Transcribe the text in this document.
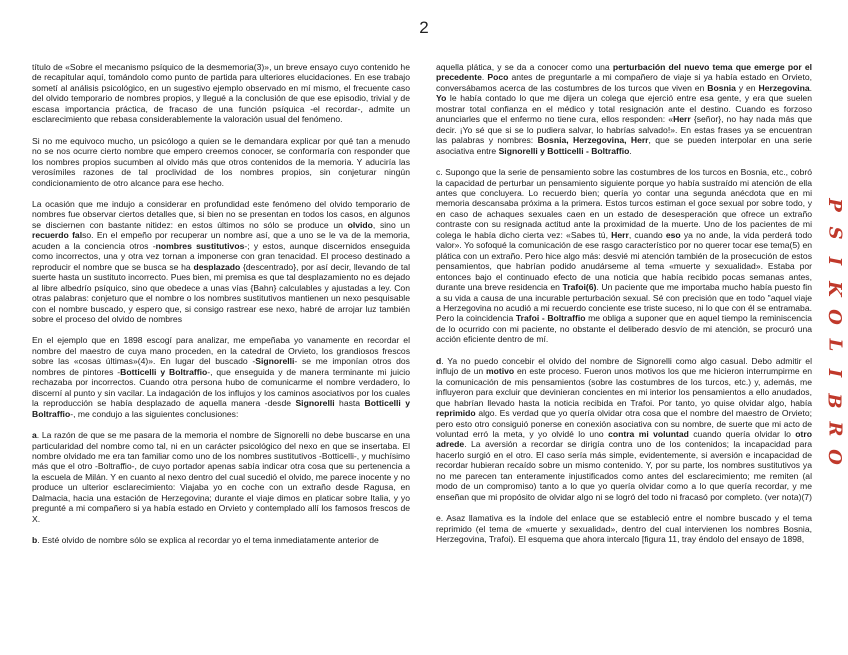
2

título de «Sobre el mecanismo psíquico de la desmemoria(3)», un breve ensayo cuyo contenido he de recapitular aquí, tomándolo como punto de partida para ulteriores elucidaciones. En ese trabajo sometí al análisis psicológico, en un sugestivo ejemplo observado en mí mismo, el frecuente caso del olvido temporario de nombres propios, y llegué a la conclusión de que ese episodio, trivial y de escasa importancia práctica, de fracaso de una función psíquica -el recordar-, admite un esclarecimiento que rebasa considerablemente la valoración usual del fenómeno.

Si no me equivoco mucho, un psicólogo a quien se le demandara explicar por qué tan a menudo no se nos ocurre cierto nombre que empero creemos conocer, se conformaría con responder que los nombres propios sucumben al olvido más que otros contenidos de la memoria. Y aduciría las verosímiles razones de tal proclividad de los nombres propios, sin conjeturar ningún condicionamiento de otro alcance para ese hecho.

La ocasión que me indujo a considerar en profundidad este fenómeno del olvido temporario de nombres fue observar ciertos detalles que, si bien no se presentan en todos los casos, en algunos se disciernen con bastante nitidez: en estos últimos no sólo se produce un olvido, sino un recuerdo falso. En el empeño por recuperar un nombre así, que a uno se le va de la memoria, acuden a la conciencia otros -nombres sustitutivos-; y estos, aunque discernidos enseguida como incorrectos, una y otra vez tornan a imponerse con gran tenacidad. El proceso destinado a reproducir el nombre que se busca se ha desplazado {descentrado}, por así decir, llevando de tal suerte hasta un sustituto incorrecto. Pues bien, mi premisa es que tal desplazamiento no es dejado al libre albedrío psíquico, sino que obedece a unas vías {Bahn} calculables y ajustadas a ley. Con otras palabras: conjeturo que el nombre o los nombres sustitutivos mantienen un nexo pesquisable con el nombre buscado, y espero que, si consigo rastrear ese nexo, habré de arrojar luz también sobre el proceso del olvido de nombres

En el ejemplo que en 1898 escogí para analizar, me empeñaba yo vanamente en recordar el nombre del maestro de cuya mano proceden, en la catedral de Orvieto, los grandiosos frescos sobre las «cosas últimas»(4)». En lugar del buscado -Signorelli- se me imponían otros dos nombres de pintores -Botticelli y Boltraffio-, que enseguida y de manera terminante mi juicio rechazaba por incorrectos. Cuando otra persona hubo de comunicarme el nombre verdadero, lo discerní al punto y sin vacilar. La indagación de los influjos y los caminos asociativos por los cuales la reproducción se había desplazado de aquella manera -desde Signorelli hasta Botticelli y Boltraffio-, me condujo a las siguientes conclusiones:

a. La razón de que se me pasara de la memoria el nombre de Signorelli no debe buscarse en una particularidad del nombre como tal, ni en un carácter psicológico del nexo en que se insertaba. El nombre olvidado me era tan familiar como uno de los nombres sustitutivos -Botticelli-, y muchísimo más que el otro -Boltraffio-, de cuyo portador apenas sabía indicar otra cosa que su pertenencia a la escuela de Milán. Y en cuanto al nexo dentro del cual sucedió el olvido, me parece inocente y no produce un ulterior esclarecimiento: Viajaba yo en coche con un extraño desde Ragusa, en Dalmacia, hacia una estación de Herzegovina; durante el viaje dimos en platicar sobre Italia, y yo pregunté a mi compañero si ya había estado en Orvieto y contemplado allí los famosos frescos de X.

b. Esté olvido de nombre sólo se explica al recordar yo el tema inmediatamente anterior de

aquella plática, y se da a conocer como una perturbación del nuevo tema que emerge por el precedente. Poco antes de preguntarle a mi compañero de viaje si ya había estado en Orvieto, conversábamos acerca de las costumbres de los turcos que viven en Bosnia y en Herzegovina. Yo le había contado lo que me dijera un colega que ejerció entre esa gente, y era que suelen mostrar total confianza en el médico y total resignación ante el destino. Cuando es forzoso anunciarles que el enfermo no tiene cura, ellos responden: «Herr {señor}, no hay nada más que decir. ¡Yo sé que si se lo pudiera salvar, lo habrías salvado!». En estas frases ya se encuentran las palabras y nombres: Bosnia, Herzegovina, Herr, que se pueden interpolar en una serie asociativa entre Signorelli y Botticelli - Boltraffio.

c. Supongo que la serie de pensamiento sobre las costumbres de los turcos en Bosnia, etc., cobró la capacidad de perturbar un pensamiento siguiente porque yo había sustraído mi atención de ella antes que concluyera. Lo recuerdo bien; quería yo contar una segunda anécdota que en mi memoria descansaba próxima a la primera. Estos turcos estiman el goce sexual por sobre todo, y en caso de achaques sexuales caen en un estado de desesperación que ofrece un extraño contraste con su resignada actitud ante la proximidad de la muerte. Uno de los pacientes de mi colega le había dicho cierta vez: «Sabes tú, Herr, cuando eso ya no ande, la vida perderá todo valor». Yo sofoqué la comunicación de ese rasgo característico por no querer tocar ese tema(5) en plática con un extraño. Pero hice algo más: desvié mi atención también de la prosecución de estos pensamientos, que habrían podido anudárseme al tema «muerte y sexualidad». Estaba por entonces bajo el continuado efecto de una noticia que había recibido pocas semanas antes, durante una breve residencia en Trafoi(6). Un paciente que me importaba mucho había puesto fin a su vida a causa de una incurable perturbación sexual. Sé con precisión que en todo "aquel viaje a Herzegovina no acudió a mi recuerdo conciente ese triste suceso, ni lo que con él se entramaba. Pero la coincidencia Trafoi - Boltraffio me obliga a suponer que en aquel tiempo la reminiscencia de lo ocurrido con mi paciente, no obstante el deliberado desvío de mi atención, se procuró una acción eficiente dentro de mí.

d. Ya no puedo concebir el olvido del nombre de Signorelli como algo casual. Debo admitir el influjo de un motivo en este proceso. Fueron unos motivos los que me hicieron interrumpirme en la comunicación de mis pensamientos (sobre las costumbres de los turcos, etc.) y, además, me influyeron para excluir que devinieran concientes en mi interior los pensamientos a ello anudados, que habrían llevado hasta la noticia recibida en Trafoi. Por tanto, yo quise olvidar algo, había reprimido algo. Es verdad que yo quería olvidar otra cosa que el nombre del maestro de Orvieto; pero esto otro consiguió ponerse en conexión asociativa con su nombre, de suerte que mi acto de voluntad erró la meta, y yo olvidé lo uno contra mi voluntad cuando quería olvidar lo otro adrede. La aversión a recordar se dirigía contra uno de los contenidos; la incapacidad para hacerlo surgió en el otro. El caso sería más simple, evidentemente, si aversión e incapacidad de recordar hubieran recaído sobre un mismo contenido. Y, por su parte, los nombres sustitutivos ya no me parecen tan enteramente injustificados como antes del esclarecimiento; me remiten (al modo de un compromiso) tanto a lo que yo quería olvidar como a lo que quería recordar, y me enseñan que mi propósito de olvidar algo ni se logró del todo ni fracasó por completo. (ver nota)(7)

e. Asaz llamativa es la índole del enlace que se estableció entre el nombre buscado y el tema reprimido (el tema de «muerte y sexualidad», dentro del cual intervienen los nombres Bosnia, Herzegovina, Trafoi). El esquema que ahora intercalo [figura 11, tray éndolo del ensayo de 1898,

P
S
I
K
O
L
I
B
R
O
